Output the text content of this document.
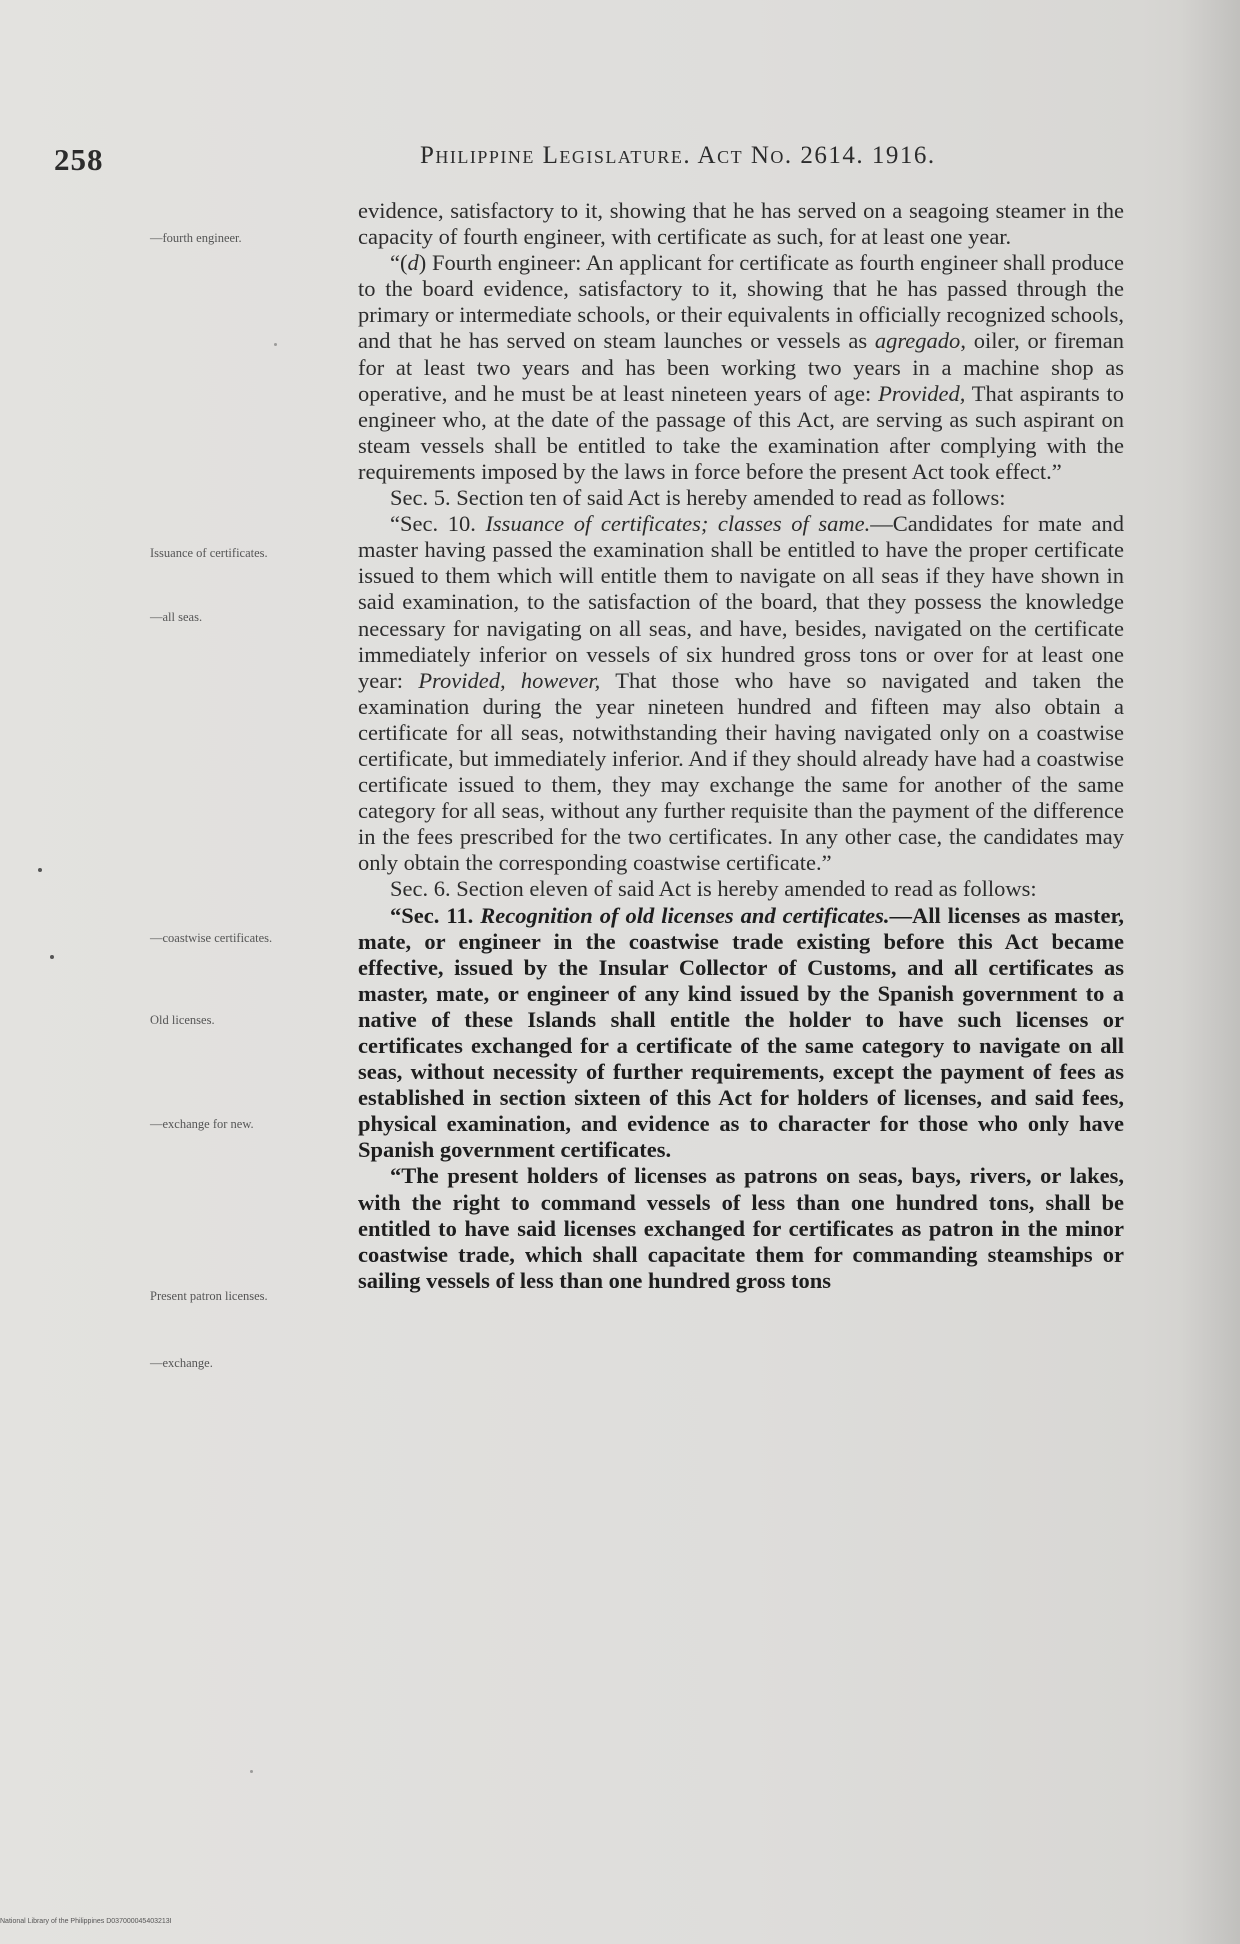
258	Philippine Legislature. Act No. 2614. 1916.
—fourth engineer.
Issuance of certificates.
—all seas.
—coastwise certificates.
Old licenses.
—exchange for new.
Present patron licenses.
—exchange.

evidence, satisfactory to it, showing that he has served on a seagoing steamer in the capacity of fourth engineer, with certificate as such, for at least one year.

“(d) Fourth engineer: An applicant for certificate as fourth engineer shall produce to the board evidence, satisfactory to it, showing that he has passed through the primary or intermediate schools, or their equivalents in officially recognized schools, and that he has served on steam launches or vessels as agregado, oiler, or fireman for at least two years and has been working two years in a machine shop as operative, and he must be at least nineteen years of age: Provided, That aspirants to engineer who, at the date of the passage of this Act, are serving as such aspirant on steam vessels shall be entitled to take the examination after complying with the requirements imposed by the laws in force before the present Act took effect.”

Sec. 5. Section ten of said Act is hereby amended to read as follows:

“Sec. 10. Issuance of certificates; classes of same.—Candidates for mate and master having passed the examination shall be entitled to have the proper certificate issued to them which will entitle them to navigate on all seas if they have shown in said examination, to the satisfaction of the board, that they possess the knowledge necessary for navigating on all seas, and have, besides, navigated on the certificate immediately inferior on vessels of six hundred gross tons or over for at least one year: Provided, however, That those who have so navigated and taken the examination during the year nineteen hundred and fifteen may also obtain a certificate for all seas, notwithstanding their having navigated only on a coastwise certificate, but immediately inferior. And if they should already have had a coastwise certificate issued to them, they may exchange the same for another of the same category for all seas, without any further requisite than the payment of the difference in the fees prescribed for the two certificates. In any other case, the candidates may only obtain the corresponding coastwise certificate.”

Sec. 6. Section eleven of said Act is hereby amended to read as follows:

“Sec. 11. Recognition of old licenses and certificates.—All licenses as master, mate, or engineer in the coastwise trade existing before this Act became effective, issued by the Insular Collector of Customs, and all certificates as master, mate, or engineer of any kind issued by the Spanish government to a native of these Islands shall entitle the holder to have such licenses or certificates exchanged for a certificate of the same category to navigate on all seas, without necessity of further requirements, except the payment of fees as established in section sixteen of this Act for holders of licenses, and said fees, physical examination, and evidence as to character for those who only have Spanish government certificates.

“The present holders of licenses as patrons on seas, bays, rivers, or lakes, with the right to command vessels of less than one hundred tons, shall be entitled to have said licenses exchanged for certificates as patron in the minor coastwise trade, which shall capacitate them for commanding steamships or sailing vessels of less than one hundred gross tons

National Library of the Philippines D037000045403213I
